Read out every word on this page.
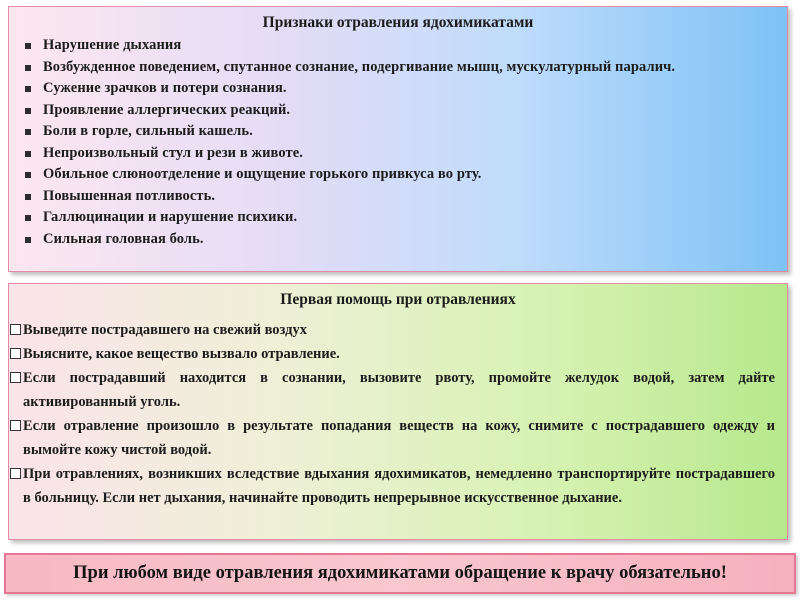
Признаки отравления ядохимикатами
Нарушение дыхания
Возбужденное поведением, спутанное сознание, подергивание мышц, мускулатурный паралич.
Сужение зрачков и потери сознания.
Проявление аллергических реакций.
Боли в горле, сильный кашель.
Непроизвольный стул и рези в животе.
Обильное слюноотделение и ощущение горького привкуса во рту.
Повышенная потливость.
Галлюцинации и нарушение психики.
Сильная головная боль.
Первая помощь при отравлениях
Выведите пострадавшего на свежий воздух
Выясните, какое вещество вызвало отравление.
Если пострадавший находится в сознании, вызовите рвоту, промойте желудок водой, затем дайте активированный уголь.
Если отравление произошло в результате попадания веществ на кожу, снимите с пострадавшего одежду и вымойте кожу чистой водой.
При отравлениях, возникших вследствие вдыхания ядохимикатов, немедленно транспортируйте пострадавшего в больницу. Если нет дыхания, начинайте проводить непрерывное искусственное дыхание.
При любом виде отравления ядохимикатами обращение к врачу обязательно!
